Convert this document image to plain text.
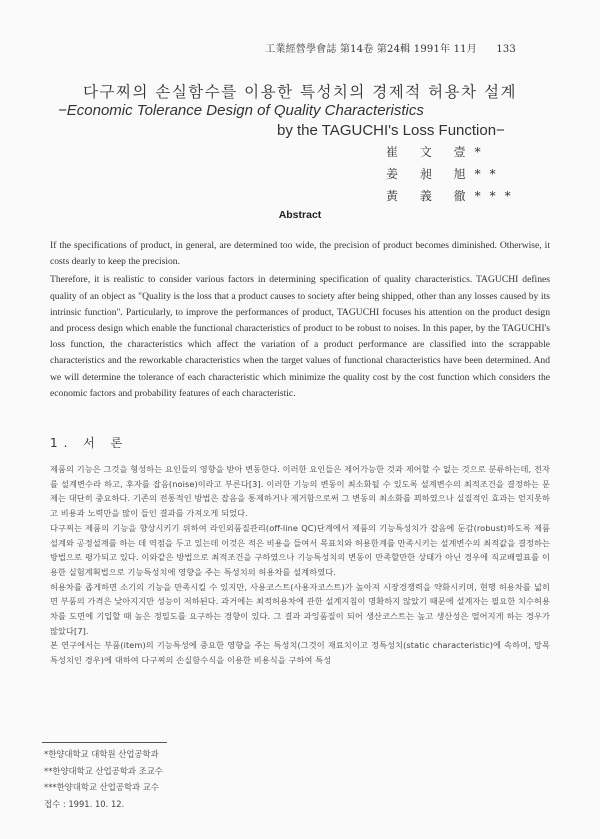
工業經營學會誌 第14卷 第24輯 1991年 11月 133
다구찌의 손실함수를 이용한 특성치의 경제적 허용차 설계
−Economic Tolerance Design of Quality Characteristics
by the TAGUCHI's Loss Function−
崔 文 壹*
姜 昶 旭**
黃 義 徹***
Abstract

If the specifications of product, in general, are determined too wide, the precision of product becomes diminished. Otherwise, it costs dearly to keep the precision.

Therefore, it is realistic to consider various factors in determining specification of quality characteristics. TAGUCHI defines quality of an object as "Quality is the loss that a product causes to society after being shipped, other than any losses caused by its intrinsic function". Particularly, to improve the performances of product, TAGUCHI focuses his attention on the product design and process design which enable the functional characteristics of product to be robust to noises. In this paper, by the TAGUCHI's loss function, the characteristics which affect the variation of a product performance are classified into the scrappable characteristics and the reworkable characteristics when the target values of functional characteristics have been determined. And we will determine the tolerance of each characteristic which minimize the quality cost by the cost function which considers the economic factors and probability features of each characteristic.

1. 서 론

제품의 기능은 그것을 형성하는 요인들의 영향을 받아 변동한다. 이러한 요인들은 제어가능한 것과 제어할 수 없는 것으로 분류하는데, 전자를 설계변수라 하고, 후자를 잡음(noise)이라고 부른다[3]. 이러한 기능의 변동이 최소화될 수 있도록 설계변수의 최적조건을 결정하는 문제는 대단히 중요하다. 기존의 전통적인 방법은 잡음을 통제하거나 제거함으로써 그 변동의 최소화를 꾀하였으나 실질적인 효과는 얻지못하고 비용과 노력만을 많이 들인 결과를 가져오게 되었다.

다구찌는 제품의 기능을 향상시키기 위하여 라인외품질관리(off-line QC)단계에서 제품의 기능특성치가 잡음에 둔감(robust)하도록 제품설계와 공정설계를 하는 데 역점을 두고 있는데 이것은 적은 비용을 들여서 목표치와 허용한계를 만족시키는 설계변수의 최적값을 결정하는 방법으로 평가되고 있다. 이와같은 방법으로 최적조건을 구하였으나 기능특성치의 변동이 만족할만한 상태가 아닌 경우에 직교배열표를 이용한 실험계획법으로 기능특성치에 영향을 주는 특성치의 허용차를 설계하였다.

허용차를 좁게하면 소기의 기능을 만족시킬 수 있지만, 사용코스트(사용자코스트)가 높아져 시장경쟁력을 약화시키며, 현행 허용차를 넓히면 부품의 가격은 낮아지지만 성능이 저하된다. 과거에는 최적허용차에 관한 설계지침이 명확하지 않았기 때문에 설계자는 필요한 치수허용차를 도면에 기입할 때 높은 정밀도를 요구하는 경향이 있다. 그 결과 과잉품질이 되어 생산코스트는 높고 생산성은 떨어지게 하는 경우가 많았다[7].

본 연구에서는 부품(item)의 기능특성에 중요한 영향을 주는 특성치(그것이 재료치이고 정특성치(static characteristic)에 속하며, 망목특성치인 경우)에 대하여 다구찌의 손실함수식을 이용한 비용식을 구하여 특성

*한양대학교 대학원 산업공학과
**한양대학교 산업공학과 조교수
***한양대학교 산업공학과 교수
접수 : 1991. 10. 12.
